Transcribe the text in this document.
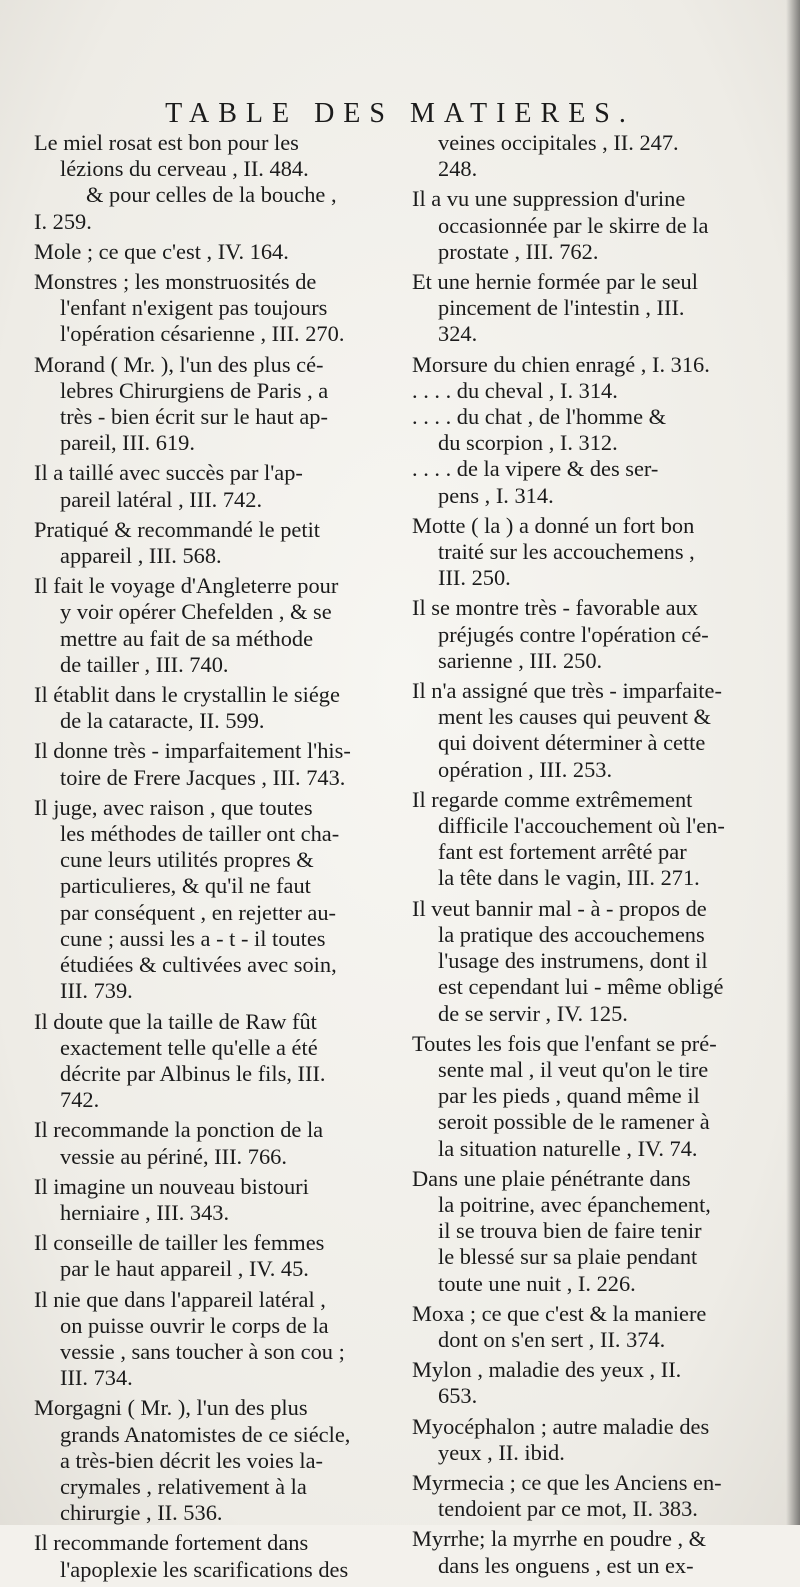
TABLE DES MATIERES.
Le miel rosat est bon pour les
lézions du cerveau , II. 484.
& pour celles de la bouche ,
I. 259.
Mole ; ce que c'est , IV. 164.
Monstres ; les monstruosités de
l'enfant n'exigent pas toujours
l'opération césarienne , III. 270.
Morand ( Mr. ), l'un des plus cé-
lebres Chirurgiens de Paris , a
très - bien écrit sur le haut ap-
pareil, III. 619.
Il a taillé avec succès par l'ap-
pareil latéral , III. 742.
Pratiqué & recommandé le petit
appareil , III. 568.
Il fait le voyage d'Angleterre pour
y voir opérer Chefelden , & se
mettre au fait de sa méthode
de tailler , III. 740.
Il établit dans le crystallin le siége
de la cataracte, II. 599.
Il donne très - imparfaitement l'his-
toire de Frere Jacques , III. 743.
Il juge, avec raison , que toutes
les méthodes de tailler ont cha-
cune leurs utilités propres &
particulieres, & qu'il ne faut
par conséquent , en rejetter au-
cune ; aussi les a - t - il toutes
étudiées & cultivées avec soin,
III. 739.
Il doute que la taille de Raw fût
exactement telle qu'elle a été
décrite par Albinus le fils, III.
742.
Il recommande la ponction de la
vessie au périné, III. 766.
Il imagine un nouveau bistouri
herniaire , III. 343.
Il conseille de tailler les femmes
par le haut appareil , IV. 45.
Il nie que dans l'appareil latéral ,
on puisse ouvrir le corps de la
vessie , sans toucher à son cou ;
III. 734.
Morgagni ( Mr. ), l'un des plus
grands Anatomistes de ce siécle,
a très-bien décrit les voies la-
crymales , relativement à la
chirurgie , II. 536.
Il recommande fortement dans
l'apoplexie les scarifications des
veines occipitales , II. 247.
248.
Il a vu une suppression d'urine
occasionnée par le skirre de la
prostate , III. 762.
Et une hernie formée par le seul
pincement de l'intestin , III.
324.
Morsure du chien enragé , I. 316.
. . . . du cheval , I. 314.
. . . . du chat , de l'homme &
du scorpion , I. 312.
. . . . de la vipere & des ser-
pens , I. 314.
Motte ( la ) a donné un fort bon
traité sur les accouchemens ,
III. 250.
Il se montre très - favorable aux
préjugés contre l'opération cé-
sarienne , III. 250.
Il n'a assigné que très - imparfaite-
ment les causes qui peuvent &
qui doivent déterminer à cette
opération , III. 253.
Il regarde comme extrêmement
difficile l'accouchement où l'en-
fant est fortement arrêté par
la tête dans le vagin, III. 271.
Il veut bannir mal - à - propos de
la pratique des accouchemens
l'usage des instrumens, dont il
est cependant lui - même obligé
de se servir , IV. 125.
Toutes les fois que l'enfant se pré-
sente mal , il veut qu'on le tire
par les pieds , quand même il
seroit possible de le ramener à
la situation naturelle , IV. 74.
Dans une plaie pénétrante dans
la poitrine, avec épanchement,
il se trouva bien de faire tenir
le blessé sur sa plaie pendant
toute une nuit , I. 226.
Moxa ; ce que c'est & la maniere
dont on s'en sert , II. 374.
Mylon , maladie des yeux , II.
653.
Myocéphalon ; autre maladie des
yeux , II. ibid.
Myrmecia ; ce que les Anciens en-
tendoient par ce mot, II. 383.
Myrrhe; la myrrhe en poudre , &
dans les onguens , est un ex-
